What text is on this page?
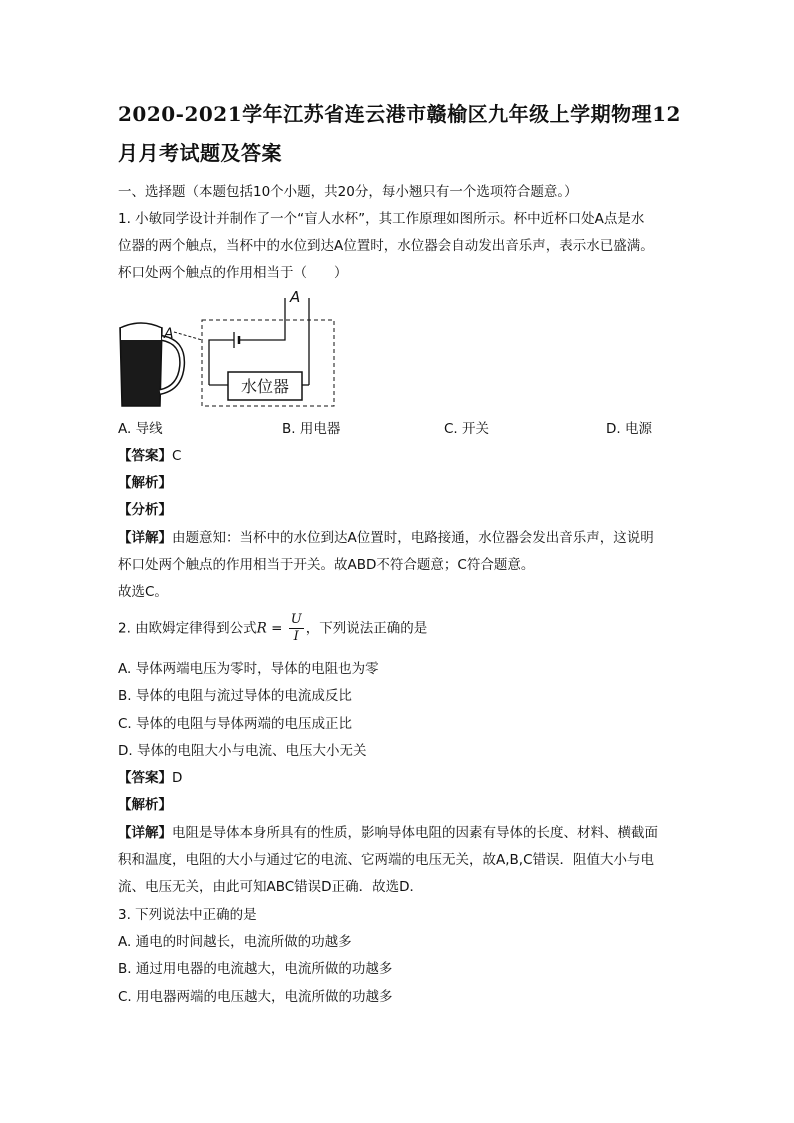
2020-2021学年江苏省连云港市赣榆区九年级上学期物理12
月月考试题及答案
一、选择题（本题包括10个小题，共20分，每小翘只有一个选项符合题意。）
1. 小敏同学设计并制作了一个“盲人水杯”，其工作原理如图所示。杯中近杯口处A点是水
位器的两个触点，当杯中的水位到达A位置时，水位器会自动发出音乐声，表示水已盛满。
杯口处两个触点的作用相当于（　　）
A
水位器
A
A. 导线	B. 用电器	C. 开关	D. 电源
【答案】C
【解析】
【分析】
【详解】由题意知：当杯中的水位到达A位置时，电路接通，水位器会发出音乐声，这说明
杯口处两个触点的作用相当于开关。故ABD不符合题意；C符合题意。
故选C。
2. 由欧姆定律得到公式$R = \frac{U}{I}$ ，下列说法正确的是
A. 导体两端电压为零时，导体的电阻也为零
B. 导体的电阻与流过导体的电流成反比
C. 导体的电阻与导体两端的电压成正比
D. 导体的电阻大小与电流、电压大小无关
【答案】D
【解析】
【详解】电阻是导体本身所具有的性质，影响导体电阻的因素有导体的长度、材料、横截面
积和温度，电阻的大小与通过它的电流、它两端的电压无关，故A,B,C错误．阻值大小与电
流、电压无关，由此可知ABC错误D正确．故选D．
3. 下列说法中正确的是
A. 通电的时间越长，电流所做的功越多
B. 通过用电器的电流越大，电流所做的功越多
C. 用电器两端的电压越大，电流所做的功越多
